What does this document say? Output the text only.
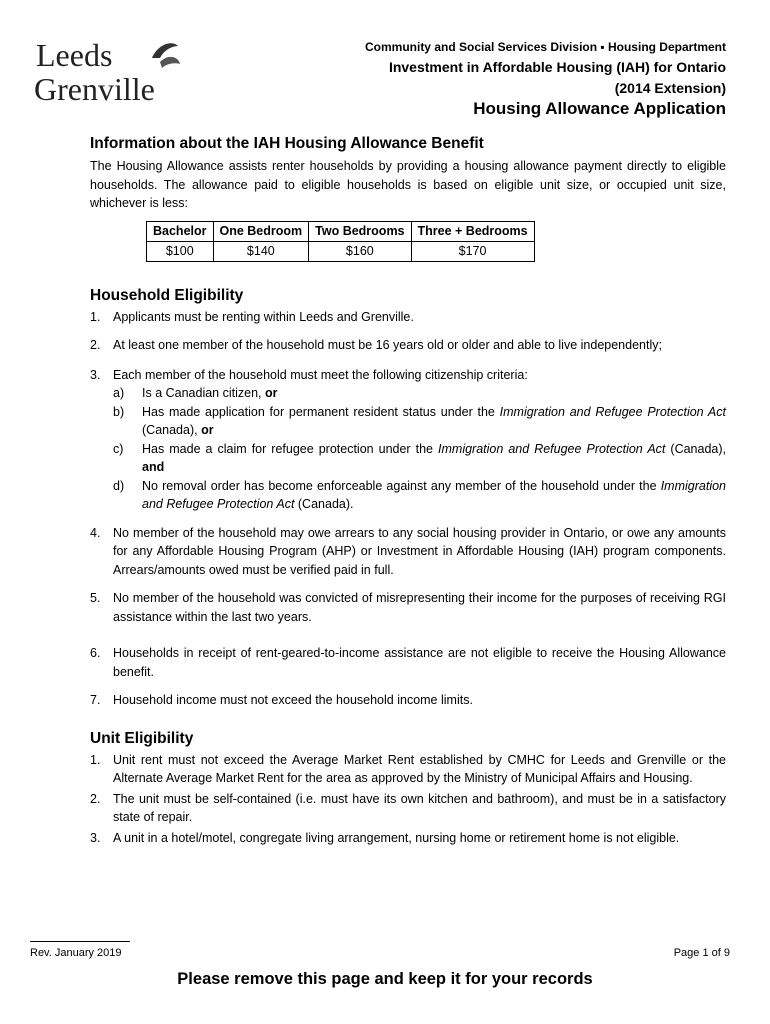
Leeds
Grenville
Community and Social Services Division ▪ Housing Department
Investment in Affordable Housing (IAH) for Ontario
(2014 Extension)
Housing Allowance Application
Information about the IAH Housing Allowance Benefit

The Housing Allowance assists renter households by providing a housing allowance payment directly to eligible households. The allowance paid to eligible households is based on eligible unit size, or occupied unit size, whichever is less:

Bachelor	One Bedroom	Two Bedrooms	Three + Bedrooms
$100	$140	$160	$170
Household Eligibility
1. Applicants must be renting within Leeds and Grenville.
2. At least one member of the household must be 16 years old or older and able to live independently;
3. Each member of the household must meet the following citizenship criteria:
a) Is a Canadian citizen, or
b) Has made application for permanent resident status under the Immigration and Refugee Protection Act (Canada), or
c) Has made a claim for refugee protection under the Immigration and Refugee Protection Act (Canada), and
d) No removal order has become enforceable against any member of the household under the Immigration and Refugee Protection Act (Canada).
4. No member of the household may owe arrears to any social housing provider in Ontario, or owe any amounts for any Affordable Housing Program (AHP) or Investment in Affordable Housing (IAH) program components. Arrears/amounts owed must be verified paid in full.
5. No member of the household was convicted of misrepresenting their income for the purposes of receiving RGI assistance within the last two years.
6. Households in receipt of rent-geared-to-income assistance are not eligible to receive the Housing Allowance benefit.
7. Household income must not exceed the household income limits.
Unit Eligibility
1. Unit rent must not exceed the Average Market Rent established by CMHC for Leeds and Grenville or the Alternate Average Market Rent for the area as approved by the Ministry of Municipal Affairs and Housing.
2. The unit must be self-contained (i.e. must have its own kitchen and bathroom), and must be in a satisfactory state of repair.
3. A unit in a hotel/motel, congregate living arrangement, nursing home or retirement home is not eligible.
Rev. January 2019	Page 1 of 9
Please remove this page and keep it for your records
